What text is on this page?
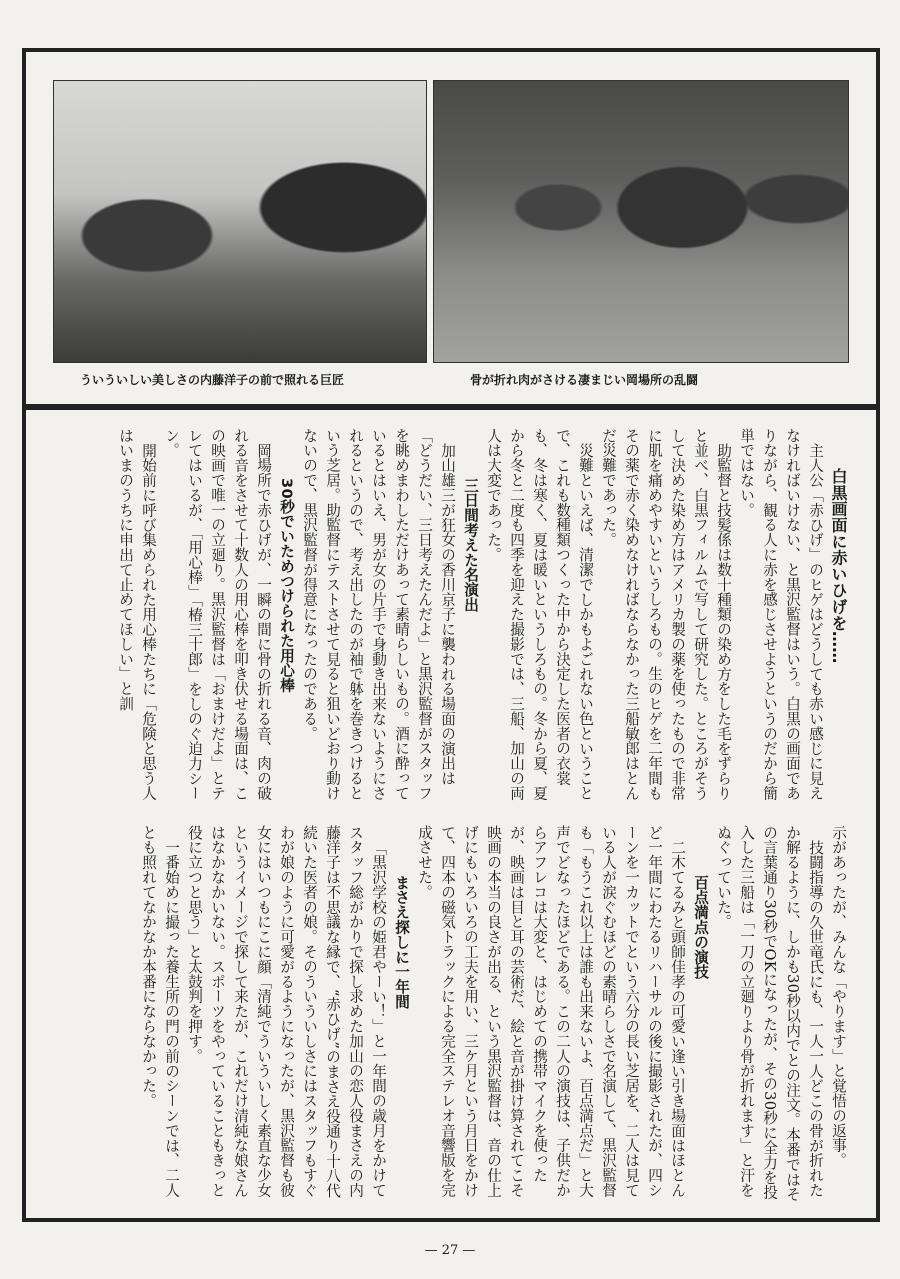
ういういしい美しさの内藤洋子の前で照れる巨匠	骨が折れ肉がさける凄まじい岡場所の乱闘
白黒画面に赤いひげを……
主人公「赤ひげ」のヒゲはどうしても赤い感じに見えなければいけない、と黒沢監督はいう。白黒の画面でありながら、観る人に赤を感じさせようというのだから簡単ではない。
助監督と技髪係は数十種類の染め方をした毛をずらりと並べ、白黒フィルムで写して研究した。ところがそうして決めた染め方はアメリカ製の薬を使ったもので非常に肌を痛めやすいというしろもの。生のヒゲを二年間もその薬で赤く染めなければならなかった三船敏郎はとんだ災難であった。
災難といえば、清潔でしかもよごれない色ということで、これも数種類つくった中から決定した医者の衣裳も、冬は寒く、夏は暖いというしろもの。冬から夏、夏から冬と二度も四季を迎えた撮影では、三船、加山の両人は大変であった。
三日間考えた名演出
加山雄三が狂女の香川京子に襲われる場面の演出は「どうだい、三日考えたんだよ」と黒沢監督がスタッフを眺めまわしただけあって素晴らしいもの。酒に酔っているとはいえ、男が女の片手で身動き出来ないようにされるというので、考え出したのが袖で躰を巻きつけるという芝居。助監督にテストさせて見ると狙いどおり動けないので、黒沢監督が得意になったのである。
30秒でいためつけられた用心棒
岡場所で赤ひげが、一瞬の間に骨の折れる音、肉の破れる音をさせて十数人の用心棒を叩き伏せる場面は、この映画で唯一の立廻り。黒沢監督は「おまけだよ」とテレてはいるが、「用心棒」「椿三十郎」をしのぐ迫力シーン。
開始前に呼び集められた用心棒たちに「危険と思う人はいまのうちに申出て止めてほしい」と訓
示があったが、みんな「やります」と覚悟の返事。
技闘指導の久世竜氏にも、一人一人どこの骨が折れたか解るように、しかも30秒以内でとの注文。本番ではその言葉通り30秒でOKになったが、その30秒に全力を投入した三船は「一刀の立廻りより骨が折れます」と汗をぬぐっていた。
百点満点の演技
二木てるみと頭師佳孝の可愛い逢い引き場面はほとんど一年間にわたるリハーサルの後に撮影されたが、四シーンを一カットでという六分の長い芝居を、二人は見ている人が涙ぐむほどの素晴らしさで名演して、黒沢監督も「もうこれ以上は誰も出来ないよ、百点満点だ」と大声でどなったほどである。この二人の演技は、子供だからアフレコは大変と、はじめての携帯マイクを使ったが、映画は目と耳の芸術だ、絵と音が掛け算されてこそ映画の本当の良さが出る、という黒沢監督は、音の仕上げにもいろいろの工夫を用い、三ケ月という月日をかけて、四本の磁気トラックによる完全ステレオ音響版を完成させた。
まさえ探しに一年間
「黒沢学校の姫君やーい！」と一年間の歳月をかけてスタッフ総がかりで探し求めた加山の恋人役まさえの内藤洋子は不思議な縁で、“赤ひげ”のまさえ役通り十八代続いた医者の娘。そのういういしさにはスタッフもすぐわが娘のように可愛がるようになったが、黒沢監督も彼女にはいつもにこに顔「清純でういういしく素直な少女というイメージで探して来たが、これだけ清純な娘さんはなかなかいない。スポーツをやっていることもきっと役に立つと思う」と太鼓判を押す。
一番始めに撮った養生所の門の前のシーンでは、二人とも照れてなかなか本番にならなかった。
— 27 —
